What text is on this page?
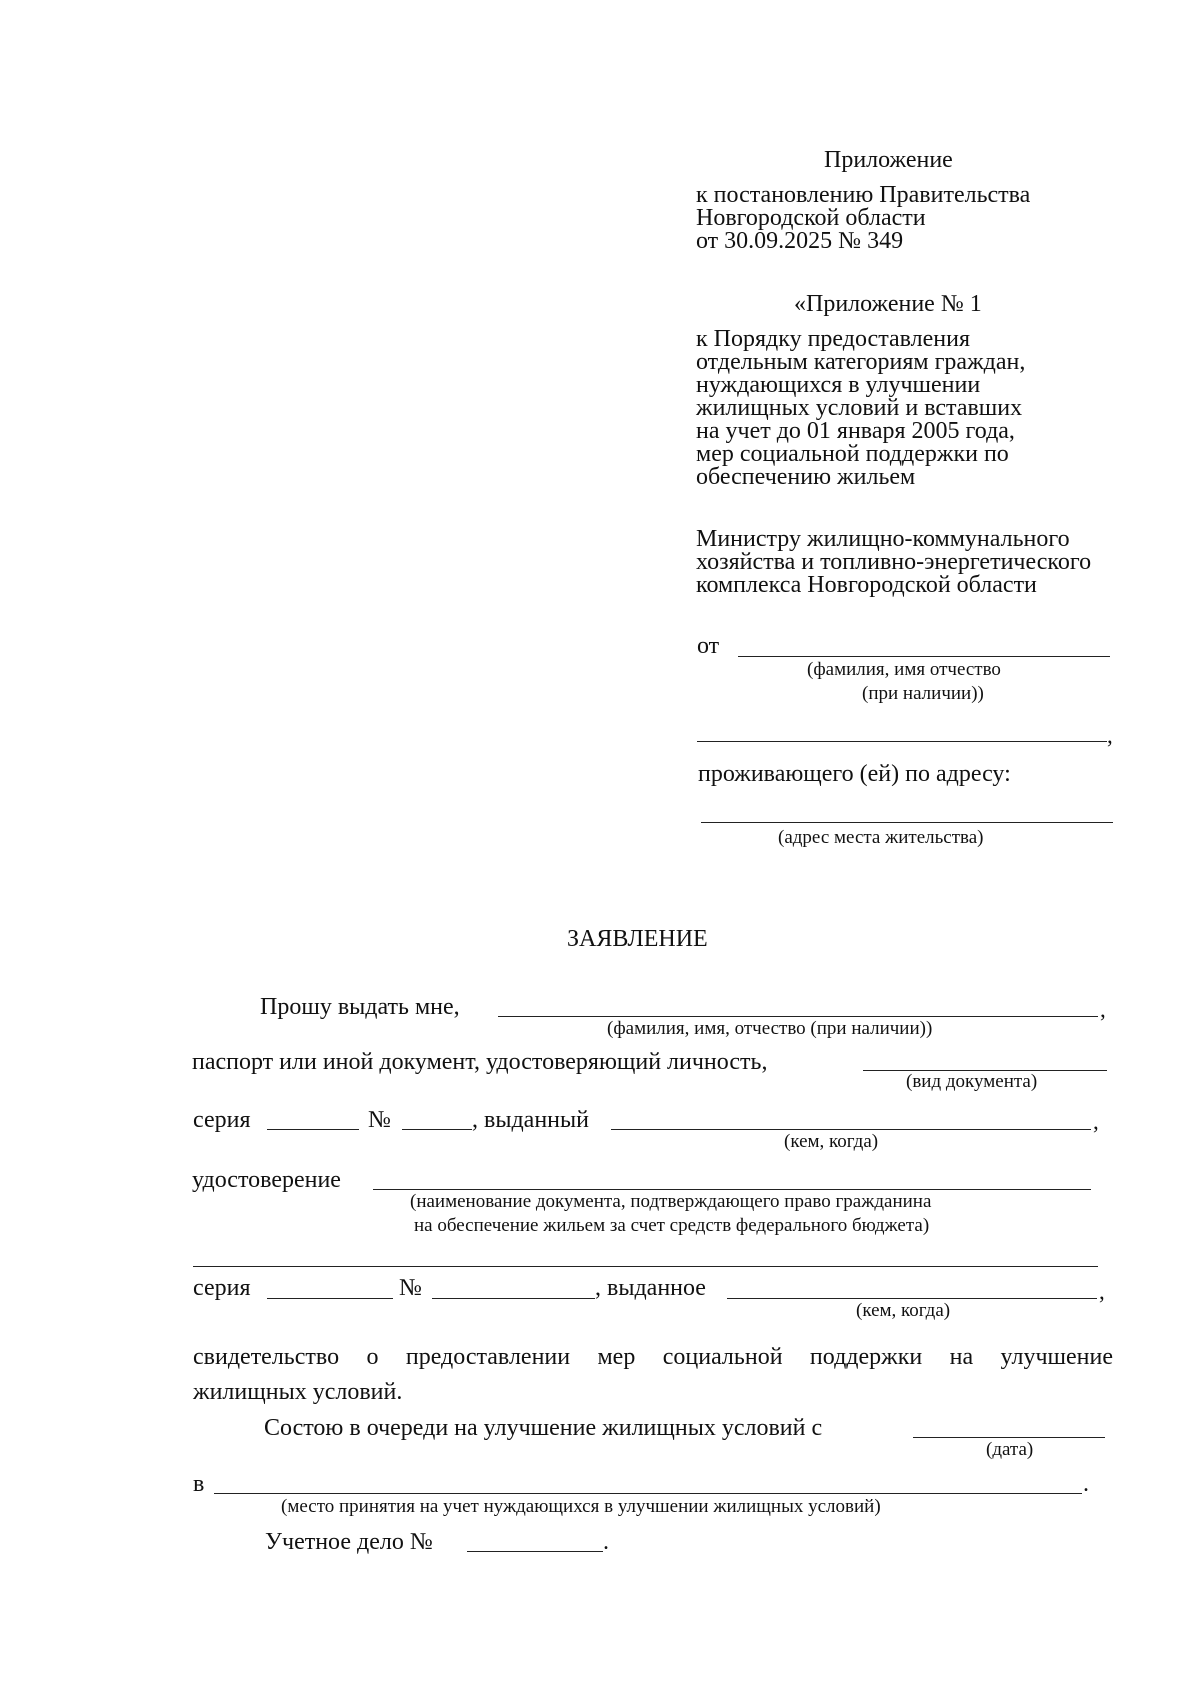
Приложение
к постановлению Правительства
Новгородской области
от 30.09.2025 № 349
«Приложение № 1
к Порядку предоставления
отдельным категориям граждан,
нуждающихся в улучшении
жилищных условий и вставших
на учет до 01 января 2005 года,
мер социальной поддержки по
обеспечению жильем
Министру жилищно-коммунального
хозяйства и топливно-энергетического
комплекса Новгородской области
от
(фамилия, имя отчество
(при наличии))
,
проживающего (ей) по адресу:
(адрес места жительства)
ЗАЯВЛЕНИЕ
Прошу выдать мне,	,
(фамилия, имя, отчество (при наличии))
паспорт или иной документ, удостоверяющий личность,
(вид документа)
серия	№	, выданный	,
(кем, когда)
удостоверение
(наименование документа, подтверждающего право гражданина
на обеспечение жильем за счет средств федерального бюджета)
серия	№	, выданное	,
(кем, когда)
свидетельство о предоставлении мер социальной поддержки на улучшение
жилищных условий.
Состою в очереди на улучшение жилищных условий с
(дата)
в	.
(место принятия на учет нуждающихся в улучшении жилищных условий)
Учетное дело №	.
